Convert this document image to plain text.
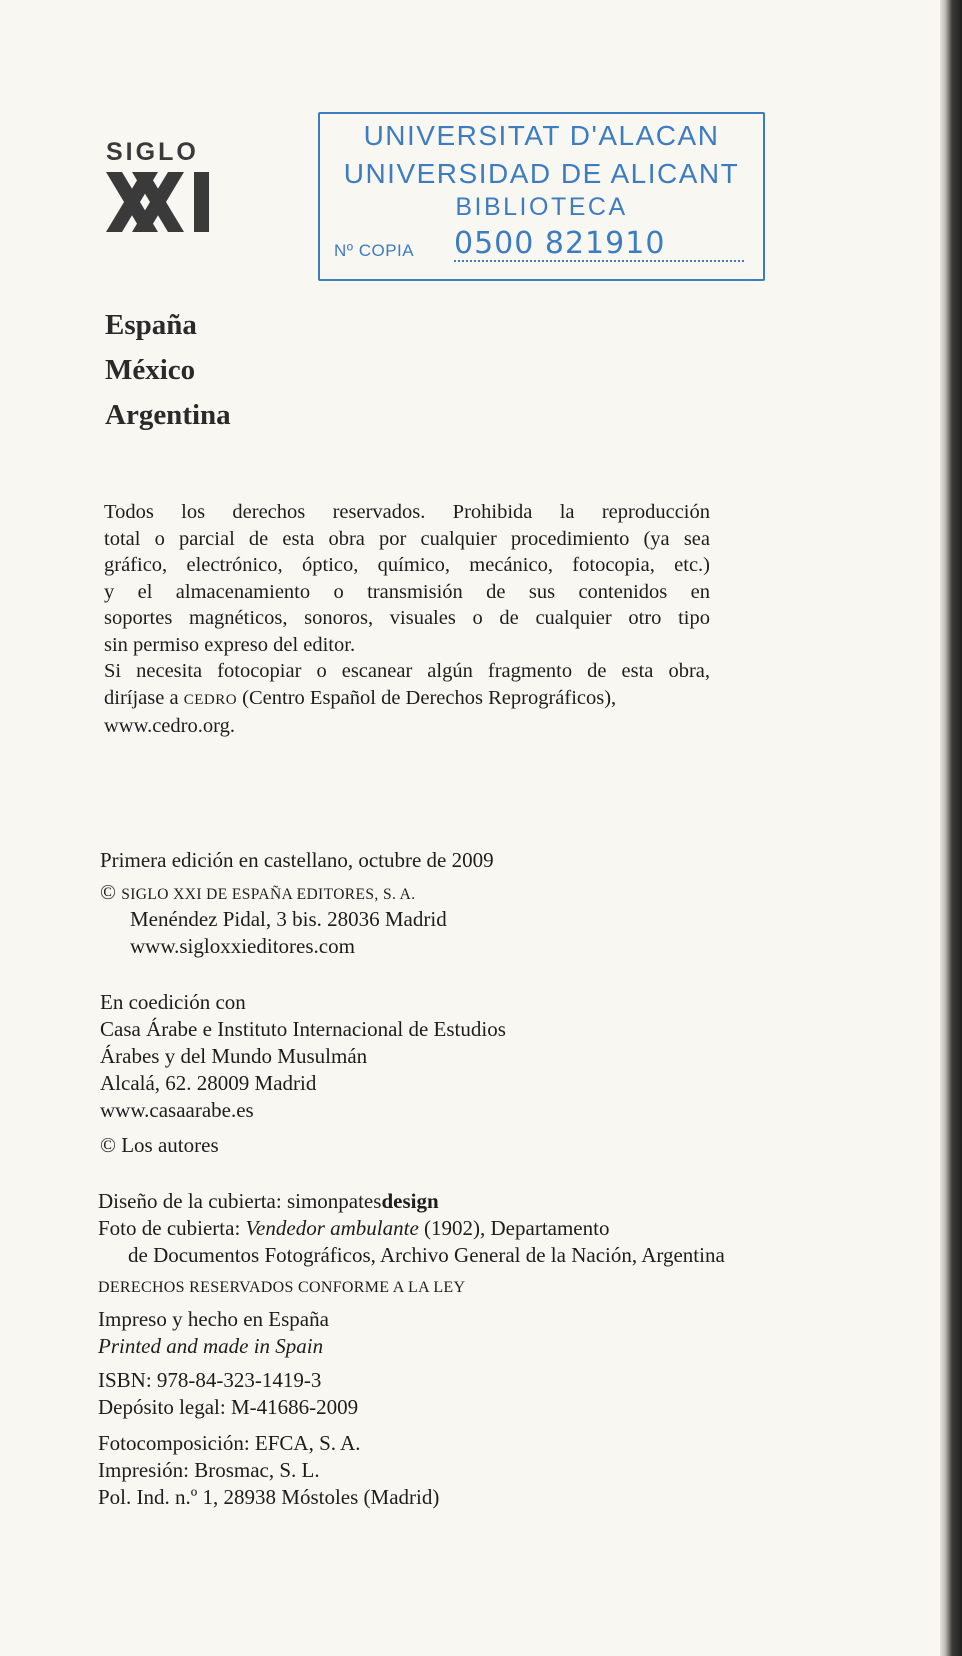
SIGLO
UNIVERSITAT D'ALACAN
UNIVERSIDAD DE ALICANT
BIBLIOTECA
Nº COPIA 0500 821910
España
México
Argentina

Todos los derechos reservados. Prohibida la reproducción

total o parcial de esta obra por cualquier procedimiento (ya sea

gráfico, electrónico, óptico, químico, mecánico, fotocopia, etc.)

y el almacenamiento o transmisión de sus contenidos en

soportes magnéticos, sonoros, visuales o de cualquier otro tipo

sin permiso expreso del editor.

Si necesita fotocopiar o escanear algún fragmento de esta obra,

diríjase a CEDRO (Centro Español de Derechos Reprográficos),

www.cedro.org.

Primera edición en castellano, octubre de 2009
© SIGLO XXI DE ESPAÑA EDITORES, S. A.
Menéndez Pidal, 3 bis. 28036 Madrid
www.sigloxxieditores.com
En coedición con
Casa Árabe e Instituto Internacional de Estudios
Árabes y del Mundo Musulmán
Alcalá, 62. 28009 Madrid
www.casaarabe.es
© Los autores
Diseño de la cubierta: simonpatesdesign
Foto de cubierta: Vendedor ambulante (1902), Departamento
de Documentos Fotográficos, Archivo General de la Nación, Argentina
DERECHOS RESERVADOS CONFORME A LA LEY
Impreso y hecho en España
Printed and made in Spain
ISBN: 978-84-323-1419-3
Depósito legal: M-41686-2009
Fotocomposición: EFCA, S. A.
Impresión: Brosmac, S. L.
Pol. Ind. n.º 1, 28938 Móstoles (Madrid)
